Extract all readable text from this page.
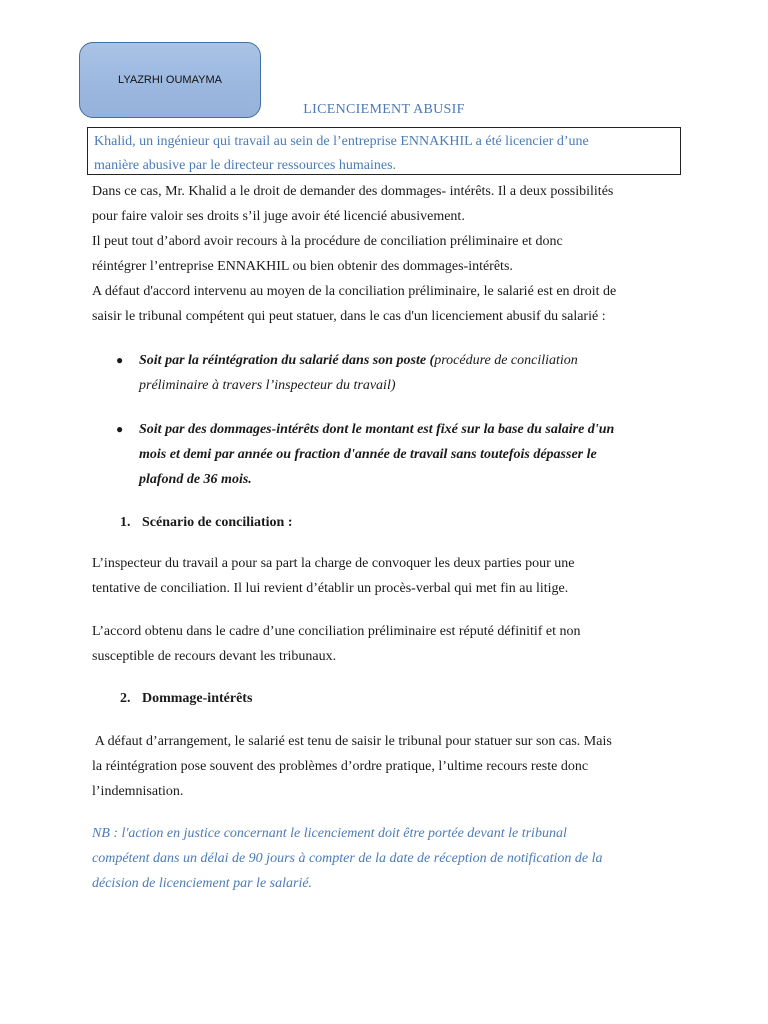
LYAZRHI OUMAYMA
LICENCIEMENT ABUSIF
Khalid, un ingénieur qui travail au sein de l’entreprise ENNAKHIL a été licencier d’une
manière abusive par le directeur ressources humaines.
Dans ce cas, Mr. Khalid a le droit de demander des dommages- intérêts. Il a deux possibilités
pour faire valoir ses droits s’il juge avoir été licencié abusivement.
Il peut tout d’abord avoir recours à la procédure de conciliation préliminaire et donc
réintégrer l’entreprise ENNAKHIL ou bien obtenir des dommages-intérêts.
A défaut d'accord intervenu au moyen de la conciliation préliminaire, le salarié est en droit de
saisir le tribunal compétent qui peut statuer, dans le cas d'un licenciement abusif du salarié :
● Soit par la réintégration du salarié dans son poste (procédure de conciliation
préliminaire à travers l’inspecteur du travail)
● Soit par des dommages-intérêts dont le montant est fixé sur la base du salaire d'un
mois et demi par année ou fraction d'année de travail sans toutefois dépasser le
plafond de 36 mois.
1. Scénario de conciliation :
L’inspecteur du travail a pour sa part la charge de convoquer les deux parties pour une
tentative de conciliation. Il lui revient d’établir un procès-verbal qui met fin au litige.
L’accord obtenu dans le cadre d’une conciliation préliminaire est réputé définitif et non
susceptible de recours devant les tribunaux.
2. Dommage-intérêts
A défaut d’arrangement, le salarié est tenu de saisir le tribunal pour statuer sur son cas. Mais
la réintégration pose souvent des problèmes d’ordre pratique, l’ultime recours reste donc
l’indemnisation.
NB : l'action en justice concernant le licenciement doit être portée devant le tribunal
compétent dans un délai de 90 jours à compter de la date de réception de notification de la
décision de licenciement par le salarié.
